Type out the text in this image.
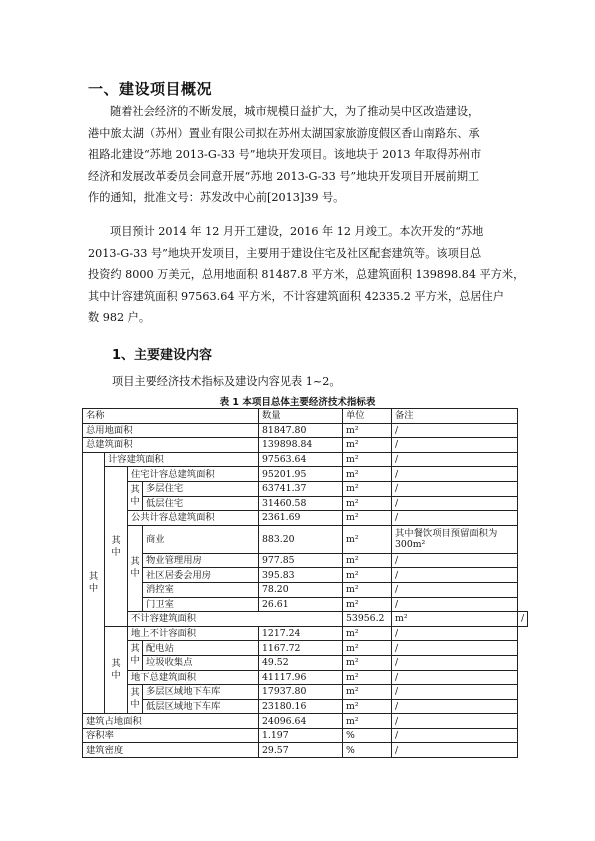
一、建设项目概况
随着社会经济的不断发展，城市规模日益扩大，为了推动吴中区改造建设，
港中旅太湖（苏州）置业有限公司拟在苏州太湖国家旅游度假区香山南路东、承
祖路北建设“苏地 2013-G-33 号”地块开发项目。该地块于 2013 年取得苏州市
经济和发展改革委员会同意开展“苏地 2013-G-33 号”地块开发项目开展前期工
作的通知，批准文号：苏发改中心前[2013]39 号。
项目预计 2014 年 12 月开工建设，2016 年 12 月竣工。本次开发的“苏地
2013-G-33 号”地块开发项目，主要用于建设住宅及社区配套建筑等。该项目总
投资约 8000 万美元，总用地面积 81487.8 平方米，总建筑面积 139898.84 平方米，
其中计容建筑面积 97563.64 平方米，不计容建筑面积 42335.2 平方米，总居住户
数 982 户。
1、主要建设内容
项目主要经济技术指标及建设内容见表 1~2。
表 1 本项目总体主要经济技术指标表
名称				数量	单位	备注	
总用地面积				81847.80	m²	/	
总建筑面积				139898.84	m²	/	
其
中	计容建筑面积			97563.64	m²	/	
	其
中	住宅计容总建筑面积		95201.95	m²	/	
		其
中	多层住宅	63741.37	m²	/	
			低层住宅	31460.58	m²	/	
		公共计容总建筑面积		2361.69	m²	/	
		其
中	商业	883.20	m²	其中餐饮项目预留面积为 300m²	
			物业管理用房	977.85	m²	/	
			社区居委会用房	395.83	m²	/	
			消控室	78.20	m²	/	
			门卫室	26.61	m²	/	
		不计容建筑面积			53956.2	m²	/
	其
中	地上不计容面积		1217.24	m²	/	
		其
中	配电站	1167.72	m²	/	
			垃圾收集点	49.52	m²	/	
		地下总建筑面积		41117.96	m²	/	
		其
中	多层区域地下车库	17937.80	m²	/	
			低层区域地下车库	23180.16	m²	/	
建筑占地面积				24096.64	m²	/	
容积率				1.197	%	/	
建筑密度				29.57	%	/	
